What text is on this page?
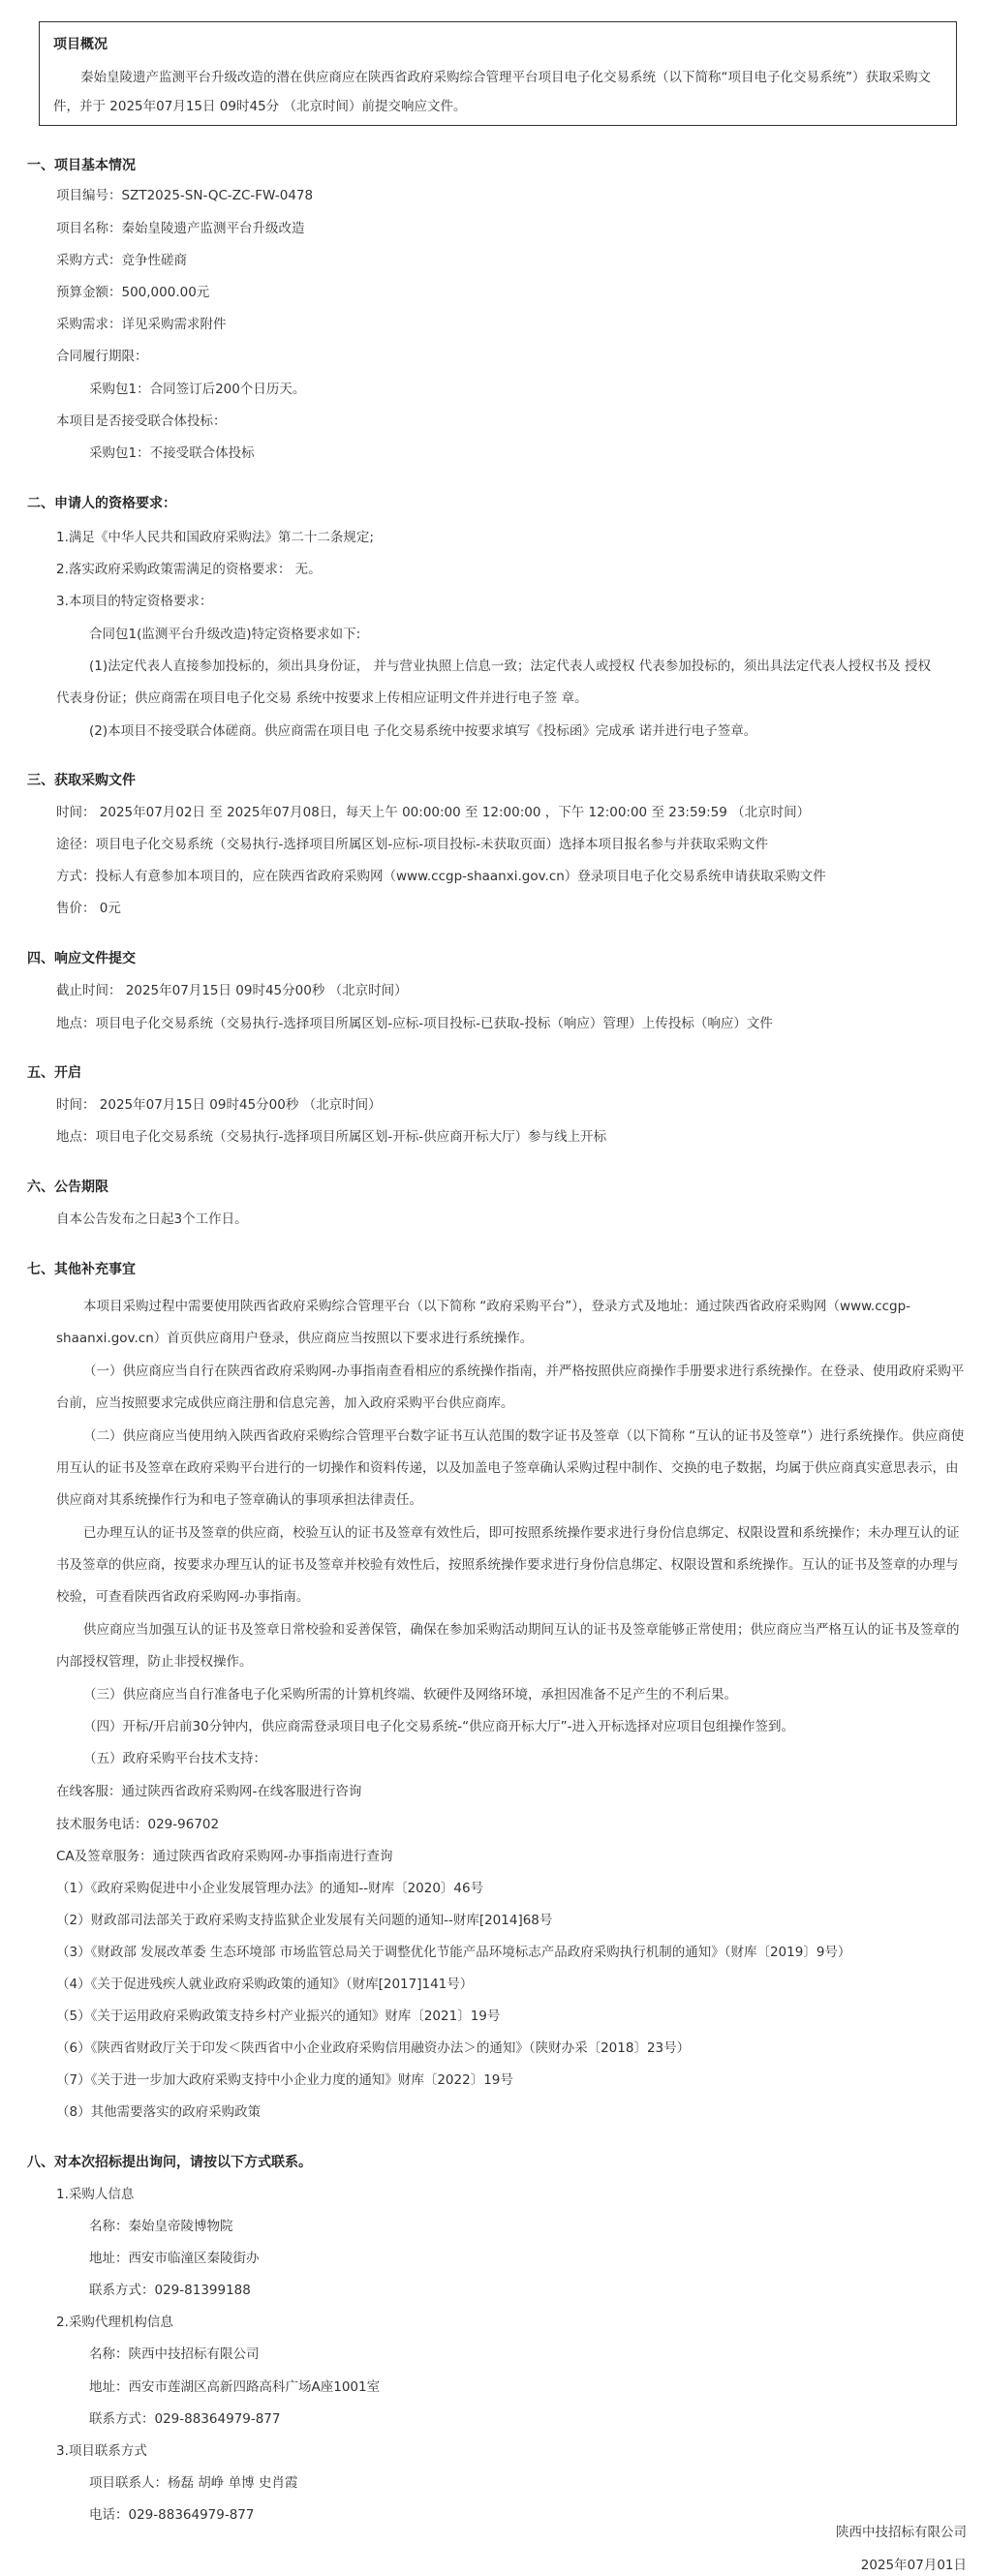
项目概况
秦始皇陵遗产监测平台升级改造的潜在供应商应在陕西省政府采购综合管理平台项目电子化交易系统（以下简称“项目电子化交易系统”）获取采购文件，并于 2025年07月15日 09时45分 （北京时间）前提交响应文件。
一、项目基本情况
项目编号：SZT2025-SN-QC-ZC-FW-0478
项目名称：秦始皇陵遗产监测平台升级改造
采购方式：竞争性磋商
预算金额：500,000.00元
采购需求：详见采购需求附件
合同履行期限：
采购包1：合同签订后200个日历天。
本项目是否接受联合体投标：
采购包1：不接受联合体投标
二、申请人的资格要求：
1.满足《中华人民共和国政府采购法》第二十二条规定;
2.落实政府采购政策需满足的资格要求： 无。
3.本项目的特定资格要求：
合同包1(监测平台升级改造)特定资格要求如下:
(1)法定代表人直接参加投标的，须出具身份证， 并与营业执照上信息一致；法定代表人或授权 代表参加投标的，须出具法定代表人授权书及 授权
代表身份证；供应商需在项目电子化交易 系统中按要求上传相应证明文件并进行电子签 章。
(2)本项目不接受联合体磋商。供应商需在项目电 子化交易系统中按要求填写《投标函》完成承 诺并进行电子签章。
三、获取采购文件
时间： 2025年07月02日 至 2025年07月08日，每天上午 00:00:00 至 12:00:00 ，下午 12:00:00 至 23:59:59 （北京时间）
途径：项目电子化交易系统（交易执行-选择项目所属区划-应标-项目投标-未获取页面）选择本项目报名参与并获取采购文件
方式：投标人有意参加本项目的，应在陕西省政府采购网（www.ccgp-shaanxi.gov.cn）登录项目电子化交易系统申请获取采购文件
售价： 0元
四、响应文件提交
截止时间： 2025年07月15日 09时45分00秒 （北京时间）
地点：项目电子化交易系统（交易执行-选择项目所属区划-应标-项目投标-已获取-投标（响应）管理）上传投标（响应）文件
五、开启
时间： 2025年07月15日 09时45分00秒 （北京时间）
地点：项目电子化交易系统（交易执行-选择项目所属区划-开标-供应商开标大厅）参与线上开标
六、公告期限
自本公告发布之日起3个工作日。
七、其他补充事宜
本项目采购过程中需要使用陕西省政府采购综合管理平台（以下简称 “政府采购平台”），登录方式及地址：通过陕西省政府采购网（www.ccgp-shaanxi.gov.cn）首页供应商用户登录，供应商应当按照以下要求进行系统操作。
（一）供应商应当自行在陕西省政府采购网-办事指南查看相应的系统操作指南，并严格按照供应商操作手册要求进行系统操作。在登录、使用政府采购平台前，应当按照要求完成供应商注册和信息完善，加入政府采购平台供应商库。
（二）供应商应当使用纳入陕西省政府采购综合管理平台数字证书互认范围的数字证书及签章（以下简称 “互认的证书及签章”）进行系统操作。供应商使用互认的证书及签章在政府采购平台进行的一切操作和资料传递，以及加盖电子签章确认采购过程中制作、交换的电子数据，均属于供应商真实意思表示，由供应商对其系统操作行为和电子签章确认的事项承担法律责任。
已办理互认的证书及签章的供应商，校验互认的证书及签章有效性后，即可按照系统操作要求进行身份信息绑定、权限设置和系统操作；未办理互认的证书及签章的供应商，按要求办理互认的证书及签章并校验有效性后，按照系统操作要求进行身份信息绑定、权限设置和系统操作。互认的证书及签章的办理与校验，可查看陕西省政府采购网-办事指南。
供应商应当加强互认的证书及签章日常校验和妥善保管，确保在参加采购活动期间互认的证书及签章能够正常使用；供应商应当严格互认的证书及签章的内部授权管理，防止非授权操作。
（三）供应商应当自行准备电子化采购所需的计算机终端、软硬件及网络环境，承担因准备不足产生的不利后果。
（四）开标/开启前30分钟内，供应商需登录项目电子化交易系统-“供应商开标大厅”-进入开标选择对应项目包组操作签到。
（五）政府采购平台技术支持：
在线客服：通过陕西省政府采购网-在线客服进行咨询
技术服务电话：029-96702
CA及签章服务：通过陕西省政府采购网-办事指南进行查询
（1）《政府采购促进中小企业发展管理办法》的通知--财库〔2020〕46号
（2）财政部司法部关于政府采购支持监狱企业发展有关问题的通知--财库[2014]68号
（3）《财政部 发展改革委 生态环境部 市场监管总局关于调整优化节能产品环境标志产品政府采购执行机制的通知》（财库〔2019〕9号）
（4）《关于促进残疾人就业政府采购政策的通知》（财库[2017]141号）
（5）《关于运用政府采购政策支持乡村产业振兴的通知》财库〔2021〕19号
（6）《陕西省财政厅关于印发＜陕西省中小企业政府采购信用融资办法＞的通知》（陕财办采〔2018〕23号）
（7）《关于进一步加大政府采购支持中小企业力度的通知》财库〔2022〕19号
（8）其他需要落实的政府采购政策
八、对本次招标提出询问，请按以下方式联系。
1.采购人信息
名称：秦始皇帝陵博物院
地址：西安市临潼区秦陵街办
联系方式：029-81399188
2.采购代理机构信息
名称：陕西中技招标有限公司
地址：西安市莲湖区高新四路高科广场A座1001室
联系方式：029-88364979-877
3.项目联系方式
项目联系人：杨磊 胡峥 单博 史肖霞
电话：029-88364979-877
陕西中技招标有限公司
2025年07月01日
